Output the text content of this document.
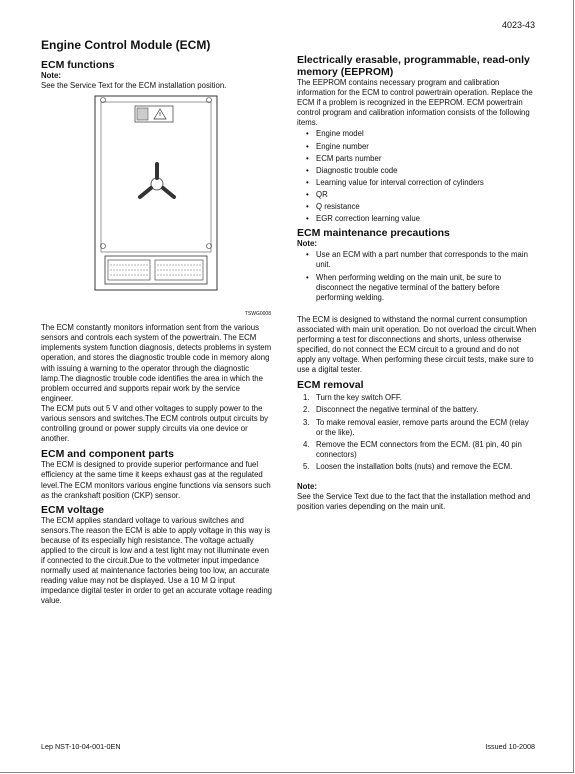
4023-43
Engine Control Module (ECM)
ECM functions

Note:

See the Service Text for the ECM installation position.

TSWG0008

The ECM constantly monitors information sent from the various sensors and controls each system of the powertrain. The ECM implements system function diagnosis, detects problems in system operation, and stores the diagnostic trouble code in memory along with issuing a warning to the operator through the diagnostic lamp.The diagnostic trouble code identifies the area in which the problem occurred and supports repair work by the service engineer.

The ECM puts out 5 V and other voltages to supply power to the various sensors and switches.The ECM controls output circuits by controlling ground or power supply circuits via one device or another.

ECM and component parts

The ECM is designed to provide superior performance and fuel efficiency at the same time it keeps exhaust gas at the regulated level.The ECM monitors various engine functions via sensors such as the crankshaft position (CKP) sensor.

ECM voltage

The ECM applies standard voltage to various switches and sensors.The reason the ECM is able to apply voltage in this way is because of its especially high resistance. The voltage actually applied to the circuit is low and a test light may not illuminate even if connected to the circuit.Due to the voltmeter input impedance normally used at maintenance factories being too low, an accurate reading value may not be displayed. Use a 10 M Ω input impedance digital tester in order to get an accurate voltage reading value.

Electrically erasable, programmable, read-only memory (EEPROM)

The EEPROM contains necessary program and calibration information for the ECM to control powertrain operation. Replace the ECM if a problem is recognized in the EEPROM. ECM powertrain control program and calibration information consists of the following items.

• Engine model
• Engine number
• ECM parts number
• Diagnostic trouble code
• Learning value for interval correction of cylinders
• QR
• Q resistance
• EGR correction learning value
ECM maintenance precautions

Note:

• Use an ECM with a part number that corresponds to the main unit.
• When performing welding on the main unit, be sure to disconnect the negative terminal of the battery before performing welding.

The ECM is designed to withstand the normal current consumption associated with main unit operation. Do not overload the circuit.When performing a test for disconnections and shorts, unless otherwise specified, do not connect the ECM circuit to a ground and do not apply any voltage. When performing these circuit tests, make sure to use a digital tester.

ECM removal
1. Turn the key switch OFF.
2. Disconnect the negative terminal of the battery.
3. To make removal easier, remove parts around the ECM (relay or the like).
4. Remove the ECM connectors from the ECM. (81 pin, 40 pin connectors)
5. Loosen the installation bolts (nuts) and remove the ECM.

Note:

See the Service Text due to the fact that the installation method and position varies depending on the main unit.

Lep NST-10-04-001-0EN	Issued 10-2008
